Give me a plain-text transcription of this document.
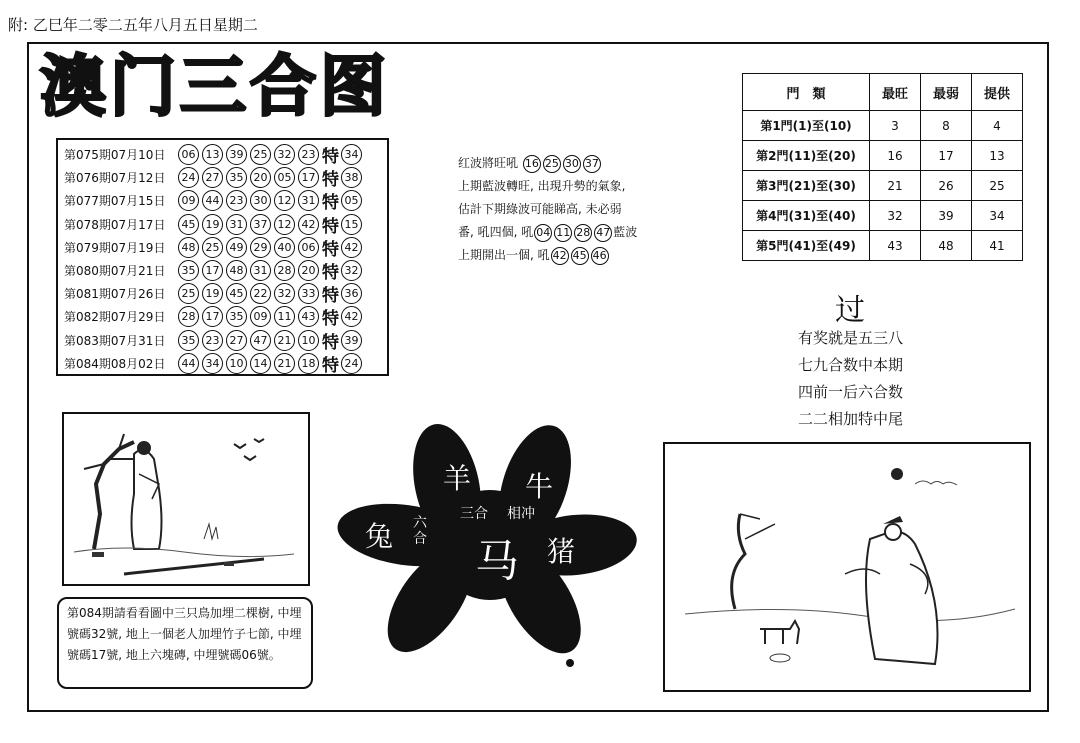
附: 乙巳年二零二五年八月五日星期二
澳门三合图
第075期07月10日	06 13 39 25 32 23 特 34
第076期07月12日	24 27 35 20 05 17 特 38
第077期07月15日	09 44 23 30 12 31 特 05
第078期07月17日	45 19 31 37 12 42 特 15
第079期07月19日	48 25 49 29 40 06 特 42
第080期07月21日	35 17 48 31 28 20 特 32
第081期07月26日	25 19 45 22 32 33 特 36
第082期07月29日	28 17 35 09 11 43 特 42
第083期07月31日	35 23 27 47 21 10 特 39
第084期08月02日	44 34 10 14 21 18 特 24
红波將旺吼 16 25 30 37
上期藍波轉旺, 出現升勢的氣象,
估計下期綠波可能睇高, 未必弱
番, 吼四個, 吼 04 11 28 47 藍波
上期開出一個, 吼 42 45 46
門　類	最旺	最弱	提供
第1門(1)至(10)	3	8	4
第2門(11)至(20)	16	17	13
第3門(21)至(30)	21	26	25
第4門(31)至(40)	32	39	34
第5門(41)至(49)	43	48	41
过
有奖就是五三八
七九合数中本期
四前一后六合数
二二相加特中尾
第084期請看看圖中三只鳥加埋二棵樹, 中埋號碼32號, 地上一個老人加埋竹子七節, 中埋號碼17號, 地上六塊磚, 中埋號碼06號。
羊 牛
三合 相冲
兔 六合 马 猪
